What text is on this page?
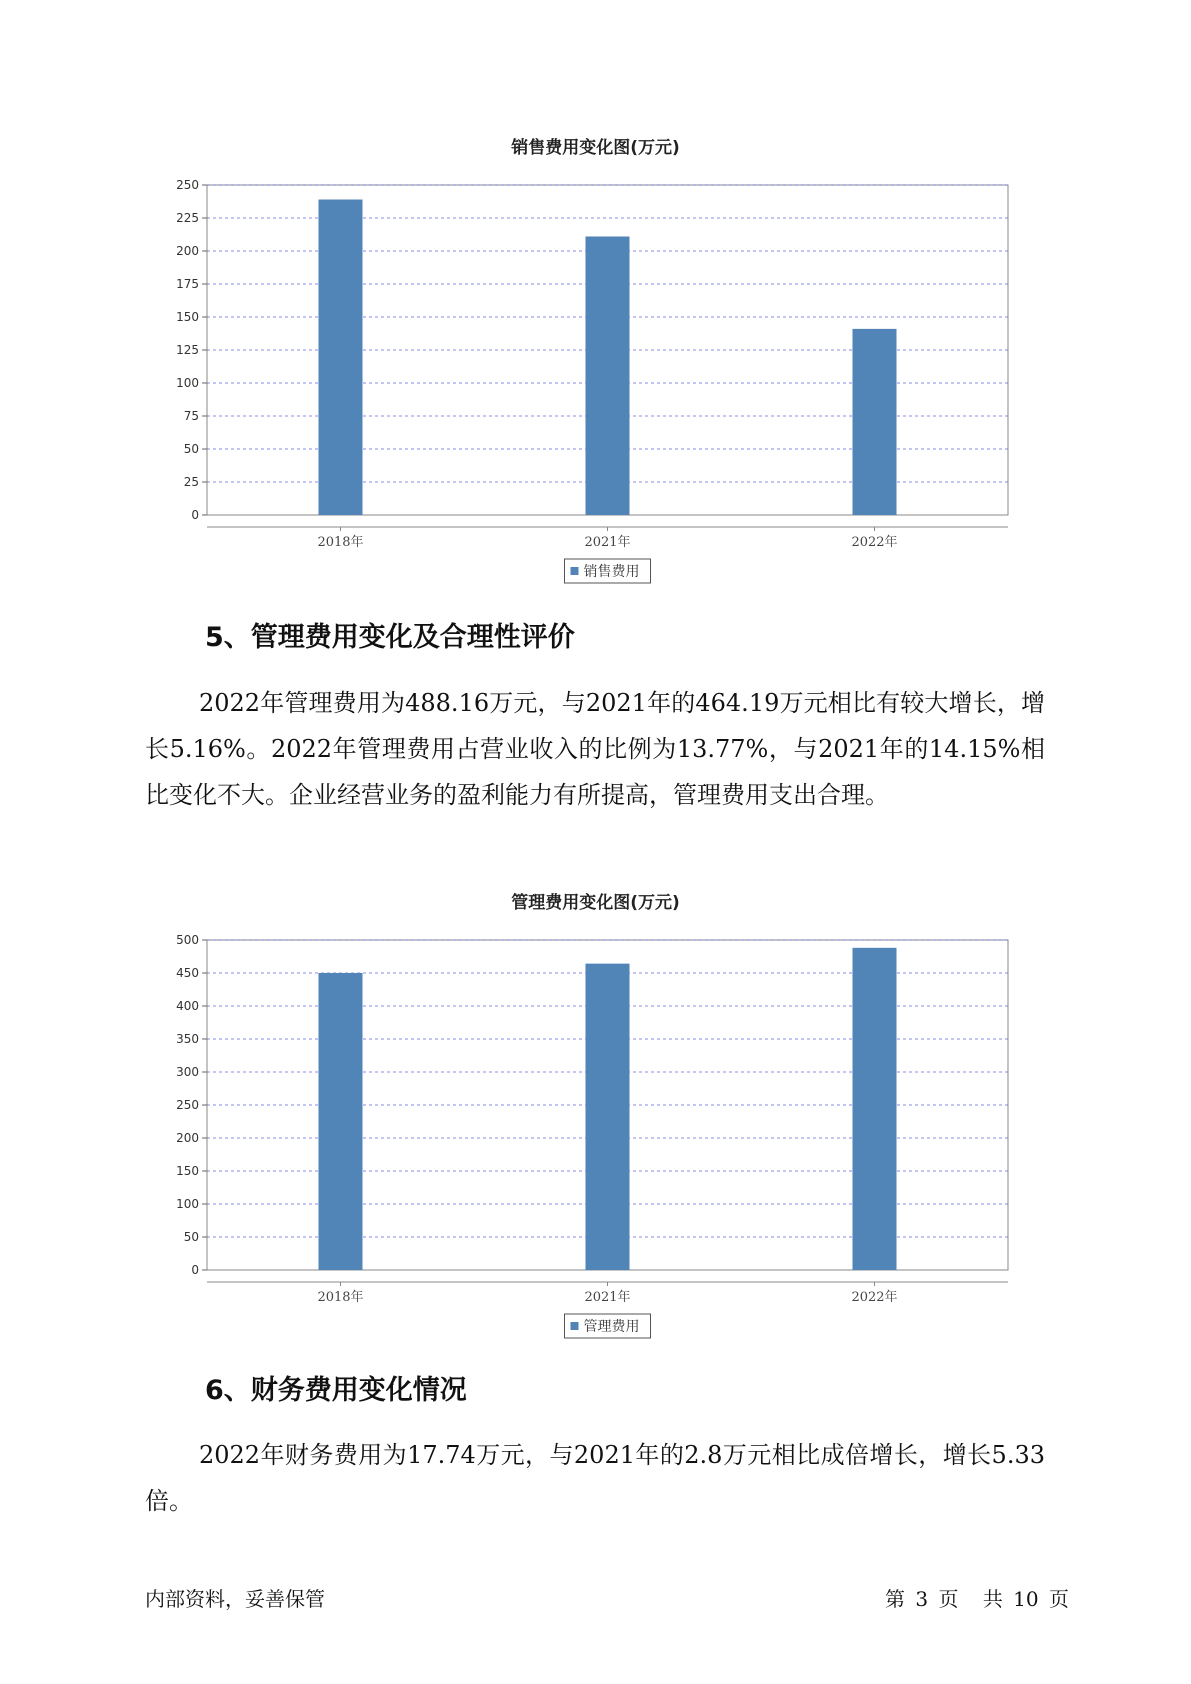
销售费用变化图(万元)
0
25
50
75
100
125
150
175
200
225
250
2018年	2021年	2022年
销售费用
5、管理费用变化及合理性评价
2022年管理费用为488.16万元，与2021年的464.19万元相比有较大增长，增长5.16%。2022年管理费用占营业收入的比例为13.77%，与2021年的14.15%相比变化不大。企业经营业务的盈利能力有所提高，管理费用支出合理。
管理费用变化图(万元)
0
50
100
150
200
250
300
350
400
450
500
2018年	2021年	2022年
管理费用
6、财务费用变化情况
2022年财务费用为17.74万元，与2021年的2.8万元相比成倍增长，增长5.33倍。
内部资料，妥善保管	第 3 页 共 10 页
